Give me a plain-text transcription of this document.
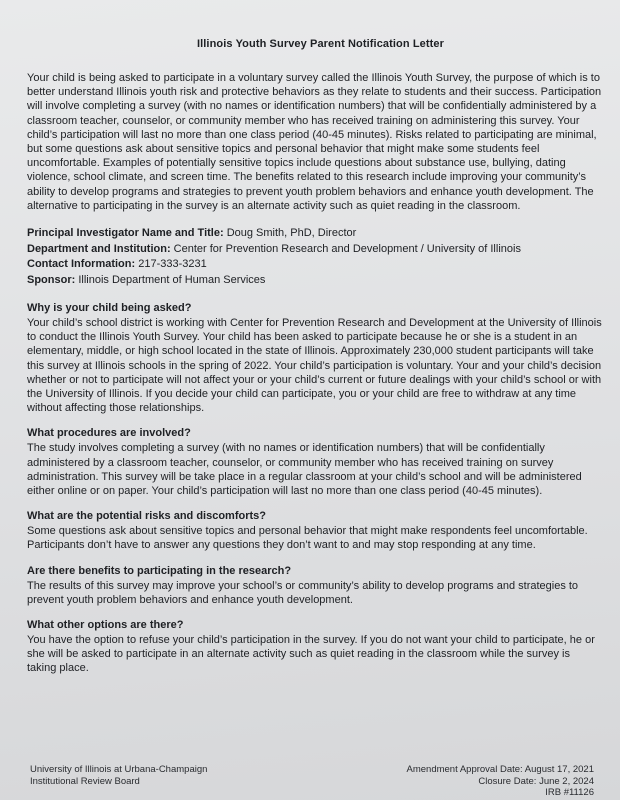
Illinois Youth Survey Parent Notification Letter

Your child is being asked to participate in a voluntary survey called the Illinois Youth Survey, the purpose of which is to better understand Illinois youth risk and protective behaviors as they relate to students and their success. Participation will involve completing a survey (with no names or identification numbers) that will be confidentially administered by a classroom teacher, counselor, or community member who has received training on administering this survey. Your child’s participation will last no more than one class period (40-45 minutes). Risks related to participating are minimal, but some questions ask about sensitive topics and personal behavior that might make some students feel uncomfortable. Examples of potentially sensitive topics include questions about substance use, bullying, dating violence, school climate, and screen time. The benefits related to this research include improving your community’s ability to develop programs and strategies to prevent youth problem behaviors and enhance youth development. The alternative to participating in the survey is an alternate activity such as quiet reading in the classroom.

Principal Investigator Name and Title: Doug Smith, PhD, Director
Department and Institution: Center for Prevention Research and Development / University of Illinois
Contact Information: 217-333-3231
Sponsor: Illinois Department of Human Services
Why is your child being asked?

Your child’s school district is working with Center for Prevention Research and Development at the University of Illinois to conduct the Illinois Youth Survey. Your child has been asked to participate because he or she is a student in an elementary, middle, or high school located in the state of Illinois. Approximately 230,000 student participants will take this survey at Illinois schools in the spring of 2022. Your child’s participation is voluntary. Your and your child’s decision whether or not to participate will not affect your or your child’s current or future dealings with your child’s school or with the University of Illinois. If you decide your child can participate, you or your child are free to withdraw at any time without affecting those relationships.

What procedures are involved?

The study involves completing a survey (with no names or identification numbers) that will be confidentially administered by a classroom teacher, counselor, or community member who has received training on survey administration. This survey will be take place in a regular classroom at your child’s school and will be administered either online or on paper. Your child’s participation will last no more than one class period (40-45 minutes).

What are the potential risks and discomforts?

Some questions ask about sensitive topics and personal behavior that might make respondents feel uncomfortable. Participants don’t have to answer any questions they don’t want to and may stop responding at any time.

Are there benefits to participating in the research?

The results of this survey may improve your school’s or community’s ability to develop programs and strategies to prevent youth problem behaviors and enhance youth development.

What other options are there?

You have the option to refuse your child’s participation in the survey. If you do not want your child to participate, he or she will be asked to participate in an alternate activity such as quiet reading in the classroom while the survey is taking place.

University of Illinois at Urbana-Champaign
Institutional Review Board
Amendment Approval Date: August 17, 2021
Closure Date: June 2, 2024
IRB #11126
